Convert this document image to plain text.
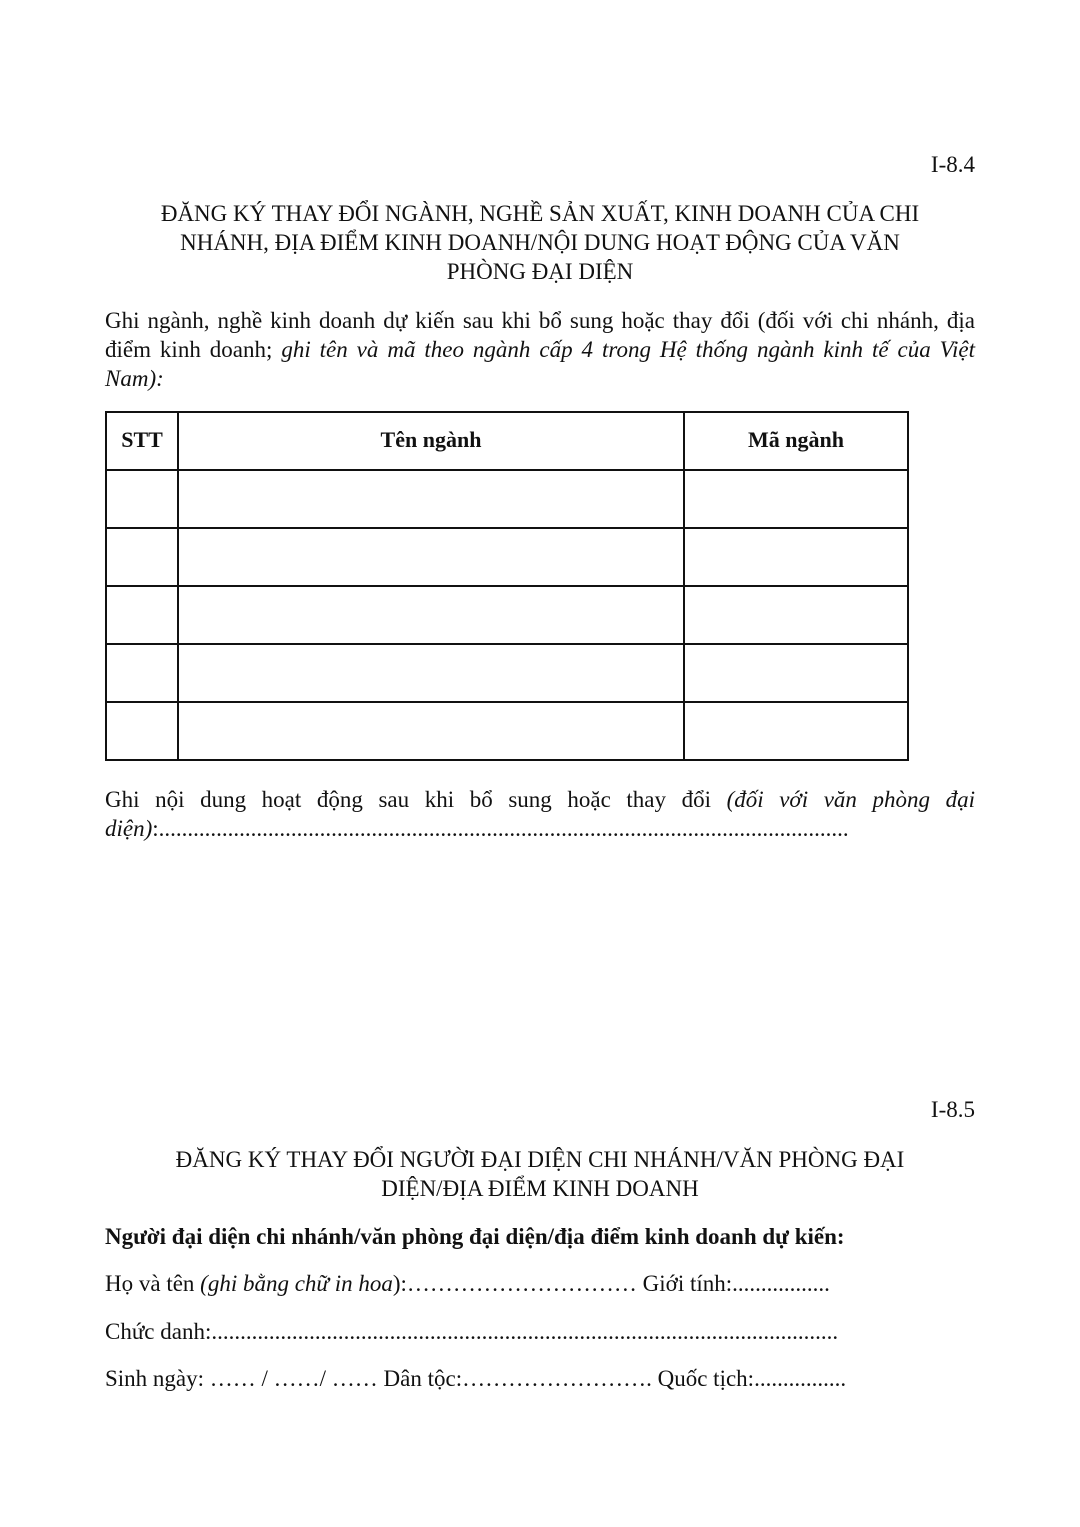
I-8.4
ĐĂNG KÝ THAY ĐỔI NGÀNH, NGHỀ SẢN XUẤT, KINH DOANH CỦA CHI
NHÁNH, ĐỊA ĐIỂM KINH DOANH/NỘI DUNG HOẠT ĐỘNG CỦA VĂN
PHÒNG ĐẠI DIỆN
Ghi ngành, nghề kinh doanh dự kiến sau khi bổ sung hoặc thay đổi (đối với chi nhánh, địa điểm kinh doanh; ghi tên và mã theo ngành cấp 4 trong Hệ thống ngành kinh tế của Việt Nam):
STT	Tên ngành	Mã ngành

Ghi nội dung hoạt động sau khi bổ sung hoặc thay đổi (đối với văn phòng đại diện):........................................................................................................................
I-8.5
ĐĂNG KÝ THAY ĐỔI NGƯỜI ĐẠI DIỆN CHI NHÁNH/VĂN PHÒNG ĐẠI
DIỆN/ĐỊA ĐIỂM KINH DOANH
Người đại diện chi nhánh/văn phòng đại diện/địa điểm kinh doanh dự kiến:
Họ và tên (ghi bằng chữ in hoa):………………………… Giới tính:.................
Chức danh:.............................................................................................................
Sinh ngày: …… / ……/ …… Dân tộc:……………………. Quốc tịch:................
